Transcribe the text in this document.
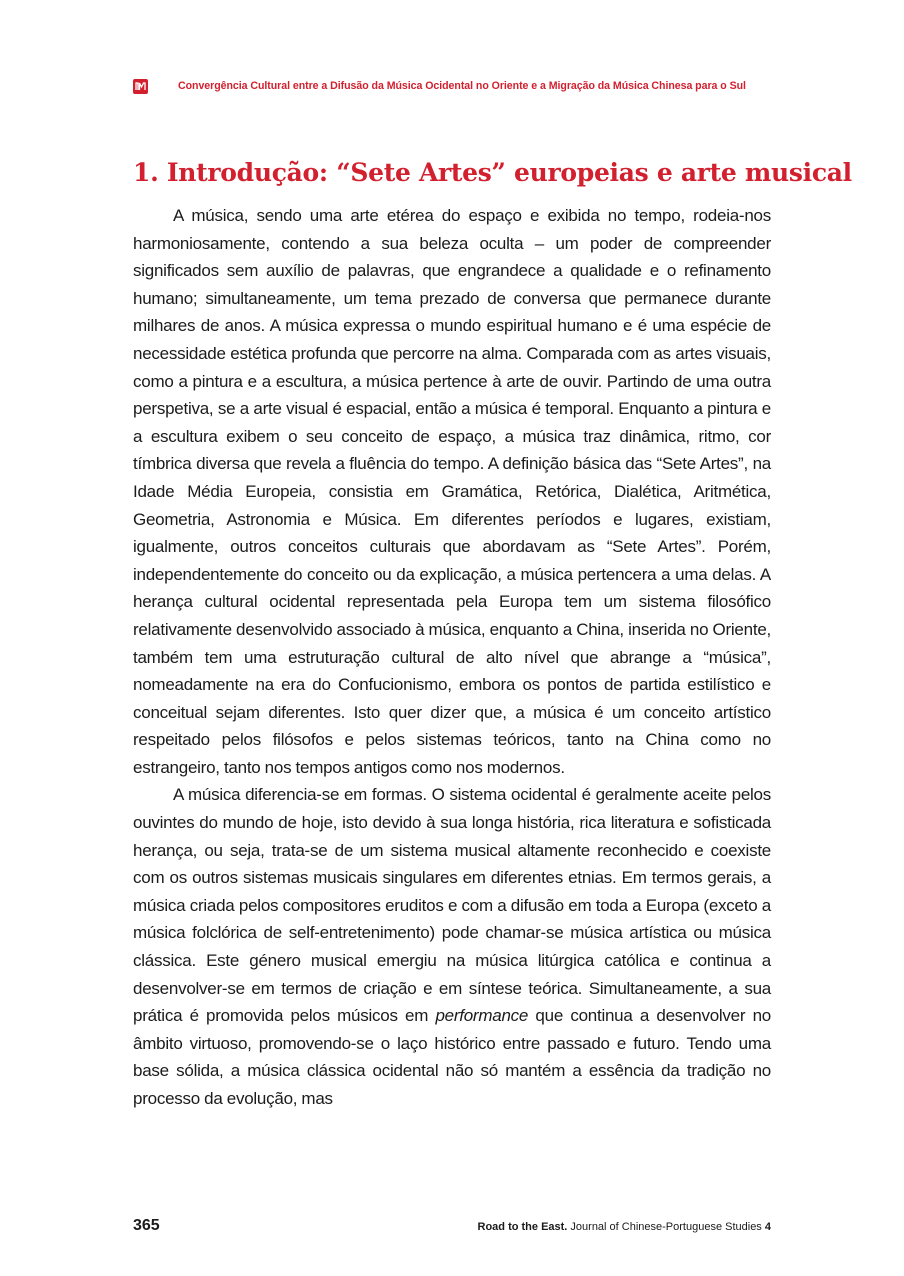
Convergência Cultural entre a Difusão da Música Ocidental no Oriente e a Migração da Música Chinesa para o Sul
1. Introdução: “Sete Artes” europeias e arte musical

A música, sendo uma arte etérea do espaço e exibida no tempo, rodeia-nos harmoniosamente, contendo a sua beleza oculta – um poder de compreender significados sem auxílio de palavras, que engrandece a qualidade e o refinamento humano; simultaneamente, um tema prezado de conversa que permanece durante milhares de anos. A música expressa o mundo espiritual humano e é uma espécie de necessidade estética profunda que percorre na alma. Comparada com as artes visuais, como a pintura e a escultura, a música pertence à arte de ouvir. Partindo de uma outra perspetiva, se a arte visual é espacial, então a música é temporal. Enquanto a pintura e a escultura exibem o seu conceito de espaço, a música traz dinâmica, ritmo, cor tímbrica diversa que revela a fluência do tempo. A definição básica das “Sete Artes”, na Idade Média Europeia, consistia em Gramática, Retórica, Dialética, Aritmética, Geometria, Astronomia e Música. Em diferentes períodos e lugares, existiam, igualmente, outros conceitos culturais que abordavam as “Sete Artes”. Porém, independentemente do conceito ou da explicação, a música pertencera a uma delas. A herança cultural ocidental representada pela Europa tem um sistema filosófico relativamente desenvolvido associado à música, enquanto a China, inserida no Oriente, também tem uma estruturação cultural de alto nível que abrange a “música”, nomeadamente na era do Confucionismo, embora os pontos de partida estilístico e conceitual sejam diferentes. Isto quer dizer que, a música é um conceito artístico respeitado pelos filósofos e pelos sistemas teóricos, tanto na China como no estrangeiro, tanto nos tempos antigos como nos modernos.

A música diferencia-se em formas. O sistema ocidental é geralmente aceite pelos ouvintes do mundo de hoje, isto devido à sua longa história, rica literatura e sofisticada herança, ou seja, trata-se de um sistema musical altamente reconhecido e coexiste com os outros sistemas musicais singulares em diferentes etnias. Em termos gerais, a música criada pelos compositores eruditos e com a difusão em toda a Europa (exceto a música folclórica de self-entretenimento) pode chamar-se música artística ou música clássica. Este género musical emergiu na música litúrgica católica e continua a desenvolver-se em termos de criação e em síntese teórica. Simultaneamente, a sua prática é promovida pelos músicos em performance que continua a desenvolver no âmbito virtuoso, promovendo-se o laço histórico entre passado e futuro. Tendo uma base sólida, a música clássica ocidental não só mantém a essência da tradição no processo da evolução, mas

365	Road to the East. Journal of Chinese-Portuguese Studies 4
